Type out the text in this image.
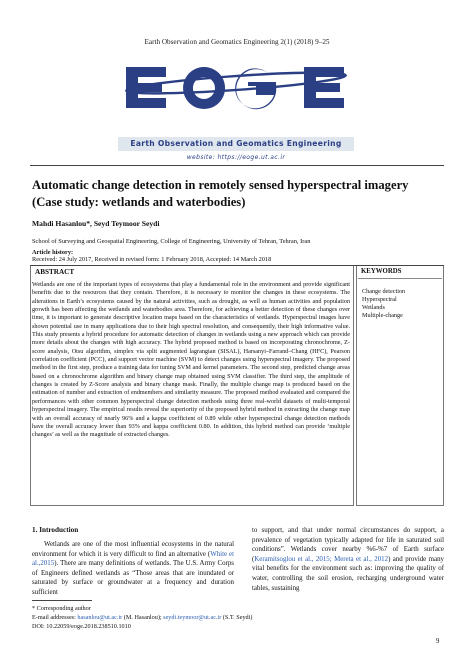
Earth Observation and Geomatics Engineering 2(1) (2018) 9–25
Earth Observation and Geomatics Engineering
website: https://eoge.ut.ac.ir
Automatic change detection in remotely sensed hyperspectral imagery
(Case study: wetlands and waterbodies)
Mahdi Hasanlou*, Seyd Teymoor Seydi
School of Surveying and Geospatial Engineering, College of Engineering, University of Tehran, Tehran, Iran
Article history:
Received: 24 July 2017, Received in revised form: 1 February 2018, Accepted: 14 March 2018
ABSTRACT
Wetlands are one of the important types of ecosystems that play a fundamental role in the environment and provide significant benefits due to the resources that they contain. Therefore, it is necessary to monitor the changes in these ecosystems. The alterations in Earth’s ecosystems caused by the natural activities, such as drought, as well as human activities and population growth has been affecting the wetlands and waterbodies area. Therefore, for achieving a better detection of these changes over time, it is important to generate descriptive location maps based on the characteristics of wetlands. Hyperspectral images have shown potential use in many applications due to their high spectral resolution, and consequently, their high informative value. This study presents a hybrid procedure for automatic detection of changes in wetlands using a new approach which can provide more details about the changes with high accuracy. The hybrid proposed method is based on incorporating chronochrome, Z-score analysis, Otsu algorithm, simplex via split augmented lagrangian (SISAL), Harsanyi–Farrand–Chang (HFC), Pearson correlation coefficient (PCC), and support vector machine (SVM) to detect changes using hyperspectral imagery. The proposed method in the first step, produce a training data for tuning SVM and kernel parameters. The second step, predicted change areas based on a chronochrome algorithm and binary change map obtained using SVM classifier. The third step, the amplitude of changes is created by Z-Score analysis and binary change mask. Finally, the multiple change map is produced based on the estimation of number and extraction of endmembers and similarity measure. The proposed method evaluated and compared the performances with other common hyperspectral change detection methods using three real-world datasets of multi-temporal hyperspectral imagery. The empirical results reveal the superiority of the proposed hybrid method in extracting the change map with an overall accuracy of nearly 96% and a kappa coefficient of 0.89 while other hyperspectral change detection methods have the overall accuracy lower than 93% and kappa coefficient 0.80. In addition, this hybrid method can provide ‘multiple changes’ as well as the magnitude of extracted changes.
KEYWORDS
Change detection
Hyperspectral
Wetlands
Multiple-change
1. Introduction
Wetlands are one of the most influential ecosystems in the natural environment for which it is very difficult to find an alternative (White et al.,2015). There are many definitions of wetlands. The U.S. Army Corps of Engineers defined wetlands as “Those areas that are inundated or saturated by surface or groundwater at a frequency and duration sufficient
to support, and that under normal circumstances do support, a prevalence of vegetation typically adapted for life in saturated soil conditions”. Wetlands cover nearby %6-%7 of Earth surface (Keramitsoglou et al., 2015; Mereta et al., 2012) and provide many vital benefits for the environment such as: improving the quality of water, controlling the soil erosion, recharging underground water tables, sustaining
* Corresponding author
E-mail addresses: hasanlou@ut.ac.ir (M. Hasanlou); seydi.teymoor@ut.ac.ir (S.T. Seydi)
DOI: 10.22059/eoge.2018.238510.1010
9
